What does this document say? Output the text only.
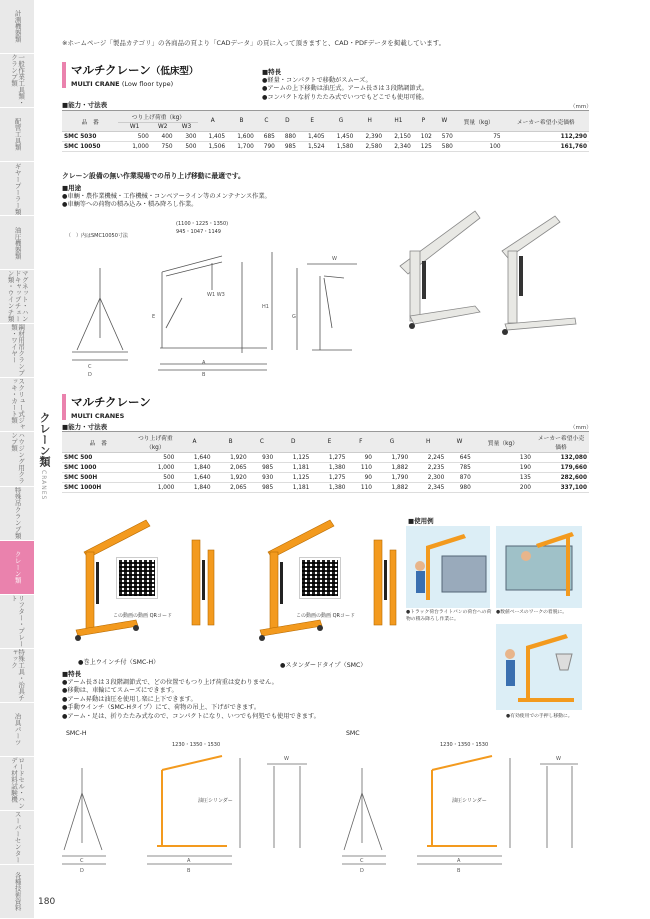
計測機器類
一般作業工具類・クランプ類
配管工具類
ギヤープーラー類
油圧機器類
マグネット・ハンドキャップチェーン類・ウインチ類
鋼材用吊クランプ類・ワイヤー
スクリュー式ジャッキ・カート類
ハウジング用クランプ類
特殊吊クランプ類
クレーン類
リフター・プレート
特殊工具・治具チャック
冶具パーツ
ロードセル・ハンディ材料試験機
スーパーセンター
各種技術資料
クレーン類
CRANES
180
※ホームページ「製品カテゴリ」の各商品の頁より「CADデータ」の頁に入って頂きますと、CAD・PDFデータを掲載しています。
マルチクレーン（低床型）
MULTI CRANE (Low floor type)
■特長
●軽量・コンパクトで移動がスムーズ。
●アームの上下移動は油圧式。アーム長さは３段階調節式。
●コンパクトな折りたたみ式でいつでもどこでも使用可能。
■能力・寸法表	（mm）
品　番	つり上げ荷重（kg）			A	B	C	D	E	G	H	H1	P	W	質量（kg）	メーカー希望小売価格
	W1	W2	W3												
SMC 5030	500	400	300	1,405	1,600	685	880	1,405	1,450	2,390	2,150	102	570	75	112,290
SMC 10050	1,000	750	500	1,506	1,700	790	985	1,524	1,580	2,580	2,340	125	580	100	161,760
クレーン設備の無い作業現場での吊り上げ移動に最適です。
■用途
●車輌・農作業機械・工作機械・コンベアーライン等のメンテナンス作業。
●車輌等への荷物の積み込み・積み降ろし作業。
（　）内はSMC10050寸法
(1100・1225・1350)
945・1047・1149
C
D
A
B
E
H1
G
W
W1 W3
マルチクレーン
MULTI CRANES
■能力・寸法表	（mm）
品　番	つり上げ荷重（kg）	A	B	C	D	E	F	G	H	W	質量（kg）	メーカー希望小売価格
SMC 500	500	1,640	1,920	930	1,125	1,275	90	1,790	2,245	645	130	132,080
SMC 1000	1,000	1,840	2,065	985	1,181	1,380	110	1,882	2,235	785	190	179,660
SMC 500H	500	1,640	1,920	930	1,125	1,275	90	1,790	2,300	870	135	282,600
SMC 1000H	1,000	1,840	2,065	985	1,181	1,380	110	1,882	2,345	980	200	337,100
この動画の動画 QRコード
●巻上ウインチ付（SMC-H）
この動画の動画 QRコード
●スタンダードタイプ（SMC）
■使用例
●トラック荷台ライトバンの荷台への荷物の積み降ろし作業に。
●数値ベースのワークの着脱に。
●有効使用での手押し移動に。
■特長
●アーム長さは３段階調節式で、どの位置でもつり上げ荷重は変わりません。
●移動は、車輪にてスムーズにできます。
●アーム昇動は油圧を使用し楽に上下できます。
●手動ウインチ（SMC-Hタイプ）にて、荷物の吊上、下げができます。
●アーム・足は、折りたたみ式なので、コンパクトになり、いつでも何処でも使用できます。
SMC-H	SMC
1230・1350・1530	1230・1350・1530
油圧シリンダー	油圧シリンダー
C
D
A
B
C
D
A
B
W	W
